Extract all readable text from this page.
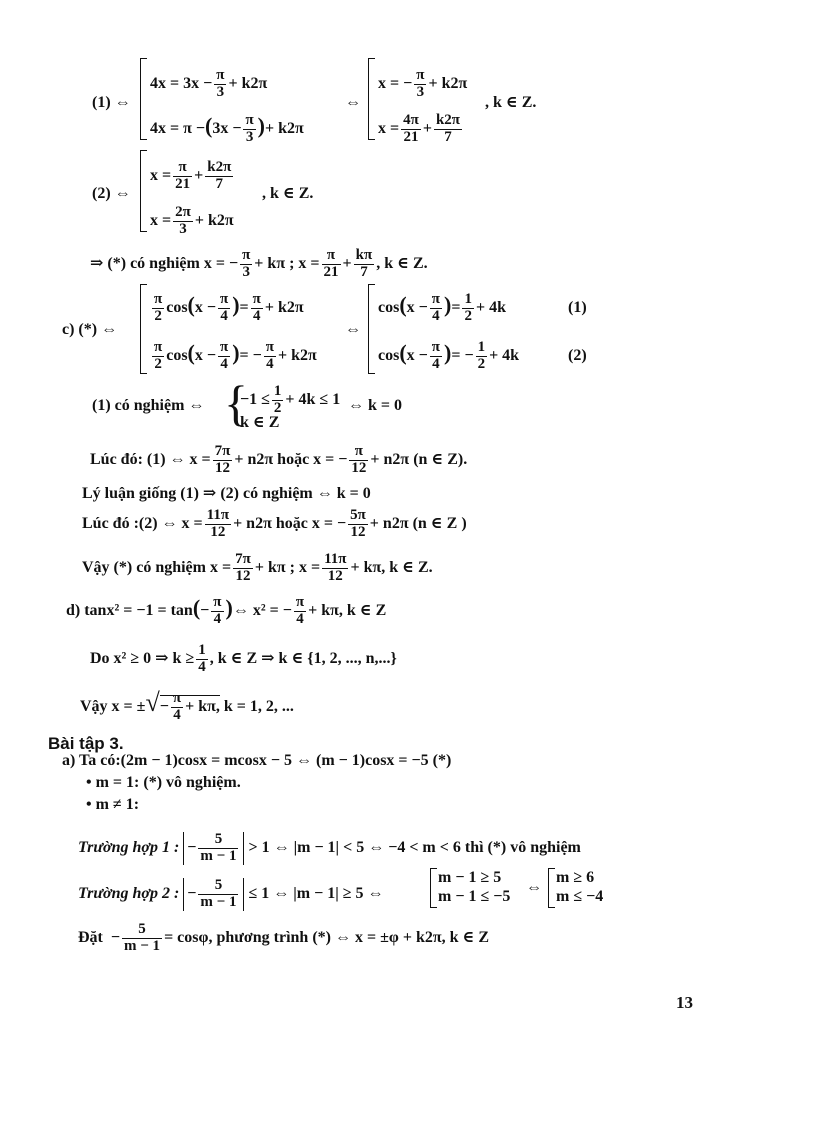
(1) ⇔
$4x = 3x - \frac{\pi}{3} + k2\pi$
$4x = \pi -(3x - \frac{\pi}{3}$ )+ k2π
⇔
x = − $\frac{\pi}{3} + k2\pi$
$x = \frac{4\pi}{21} + \frac{k2\pi}{7}$
, k ∈ Z.
(2) ⇔
$x = \frac{\pi}{21} + \frac{k2\pi}{7}$
$x = \frac{2\pi}{3} + k2\pi$
, k ∈ Z.
⇒ (*) có nghiệm x = − $\frac{\pi}{3} + k\pi$ ; $x = \frac{\pi}{21} + \frac{k\pi}{7}$ , k ∈ Z.
c) (*) ⇔
$\frac{\pi}{2} \cos(x - \frac{\pi}{4}$ )= $\frac{\pi}{4} + k2\pi$
$\frac{\pi}{2} \cos(x - \frac{\pi}{4}$ )= − $\frac{\pi}{4} + k2\pi$
⇔
$\cos(x - \frac{\pi}{4}$ )= $\frac{1}{2} + 4k$	(1)
$\cos(x - \frac{\pi}{4}$ )= − $\frac{1}{2} + 4k$	(2)
(1) có nghiệm ⇔ {
$-1 \le \frac{1}{2} + 4k \le 1$
k ∈ Z
⇔ k = 0
Lúc đó: (1) ⇔ $x = \frac{7\pi}{12} + n2\pi$ hoặc x = − $\frac{\pi}{12} + n2\pi$ (n ∈ Z).
Lý luận giống (1) ⇒ (2) có nghiệm ⇔ k = 0
Lúc đó :(2) ⇔ $x = \frac{11\pi}{12} + n2\pi$ hoặc x = − $\frac{5\pi}{12} + n2\pi$ (n ∈ Z )
Vậy (*) có nghiệm $x = \frac{7\pi}{12} + k\pi$ ; $x = \frac{11\pi}{12} + k\pi$, k ∈ Z.
d) $\tan x^2 = -1 = \tan(- \frac{\pi}{4}$ )⇔ x² = − $\frac{\pi}{4} + k\pi$, k ∈ Z
Do x² ≥ 0 ⇒ $k \ge \frac{1}{4}$ , k ∈ Z ⇒ k ∈ {1, 2, ..., n,...}
Vậy x = ±√− $\frac{\pi}{4} + k\pi$, k = 1, 2, ...
Bài tập 3.
a) Ta có:(2m − 1)cosx = mcosx − 5 ⇔ (m − 1)cosx = −5 (*)
• m = 1: (*) vô nghiệm.
• m ≠ 1:
Trường hợp 1 : − $\frac{5}{m - 1} > 1$ ⇔ |m − 1| < 5 ⇔ −4 < m < 6 thì (*) vô nghiệm
Trường hợp 2 : − $\frac{5}{m - 1} \le 1$ ⇔ |m − 1| ≥ 5 ⇔
m − 1 ≥ 5
m − 1 ≤ −5
⇔
m ≥ 6
m ≤ −4
Đặt − $\frac{5}{m - 1} = \cos\varphi$, phương trình (*) ⇔ x = ±φ + k2π, k ∈ Z
13
